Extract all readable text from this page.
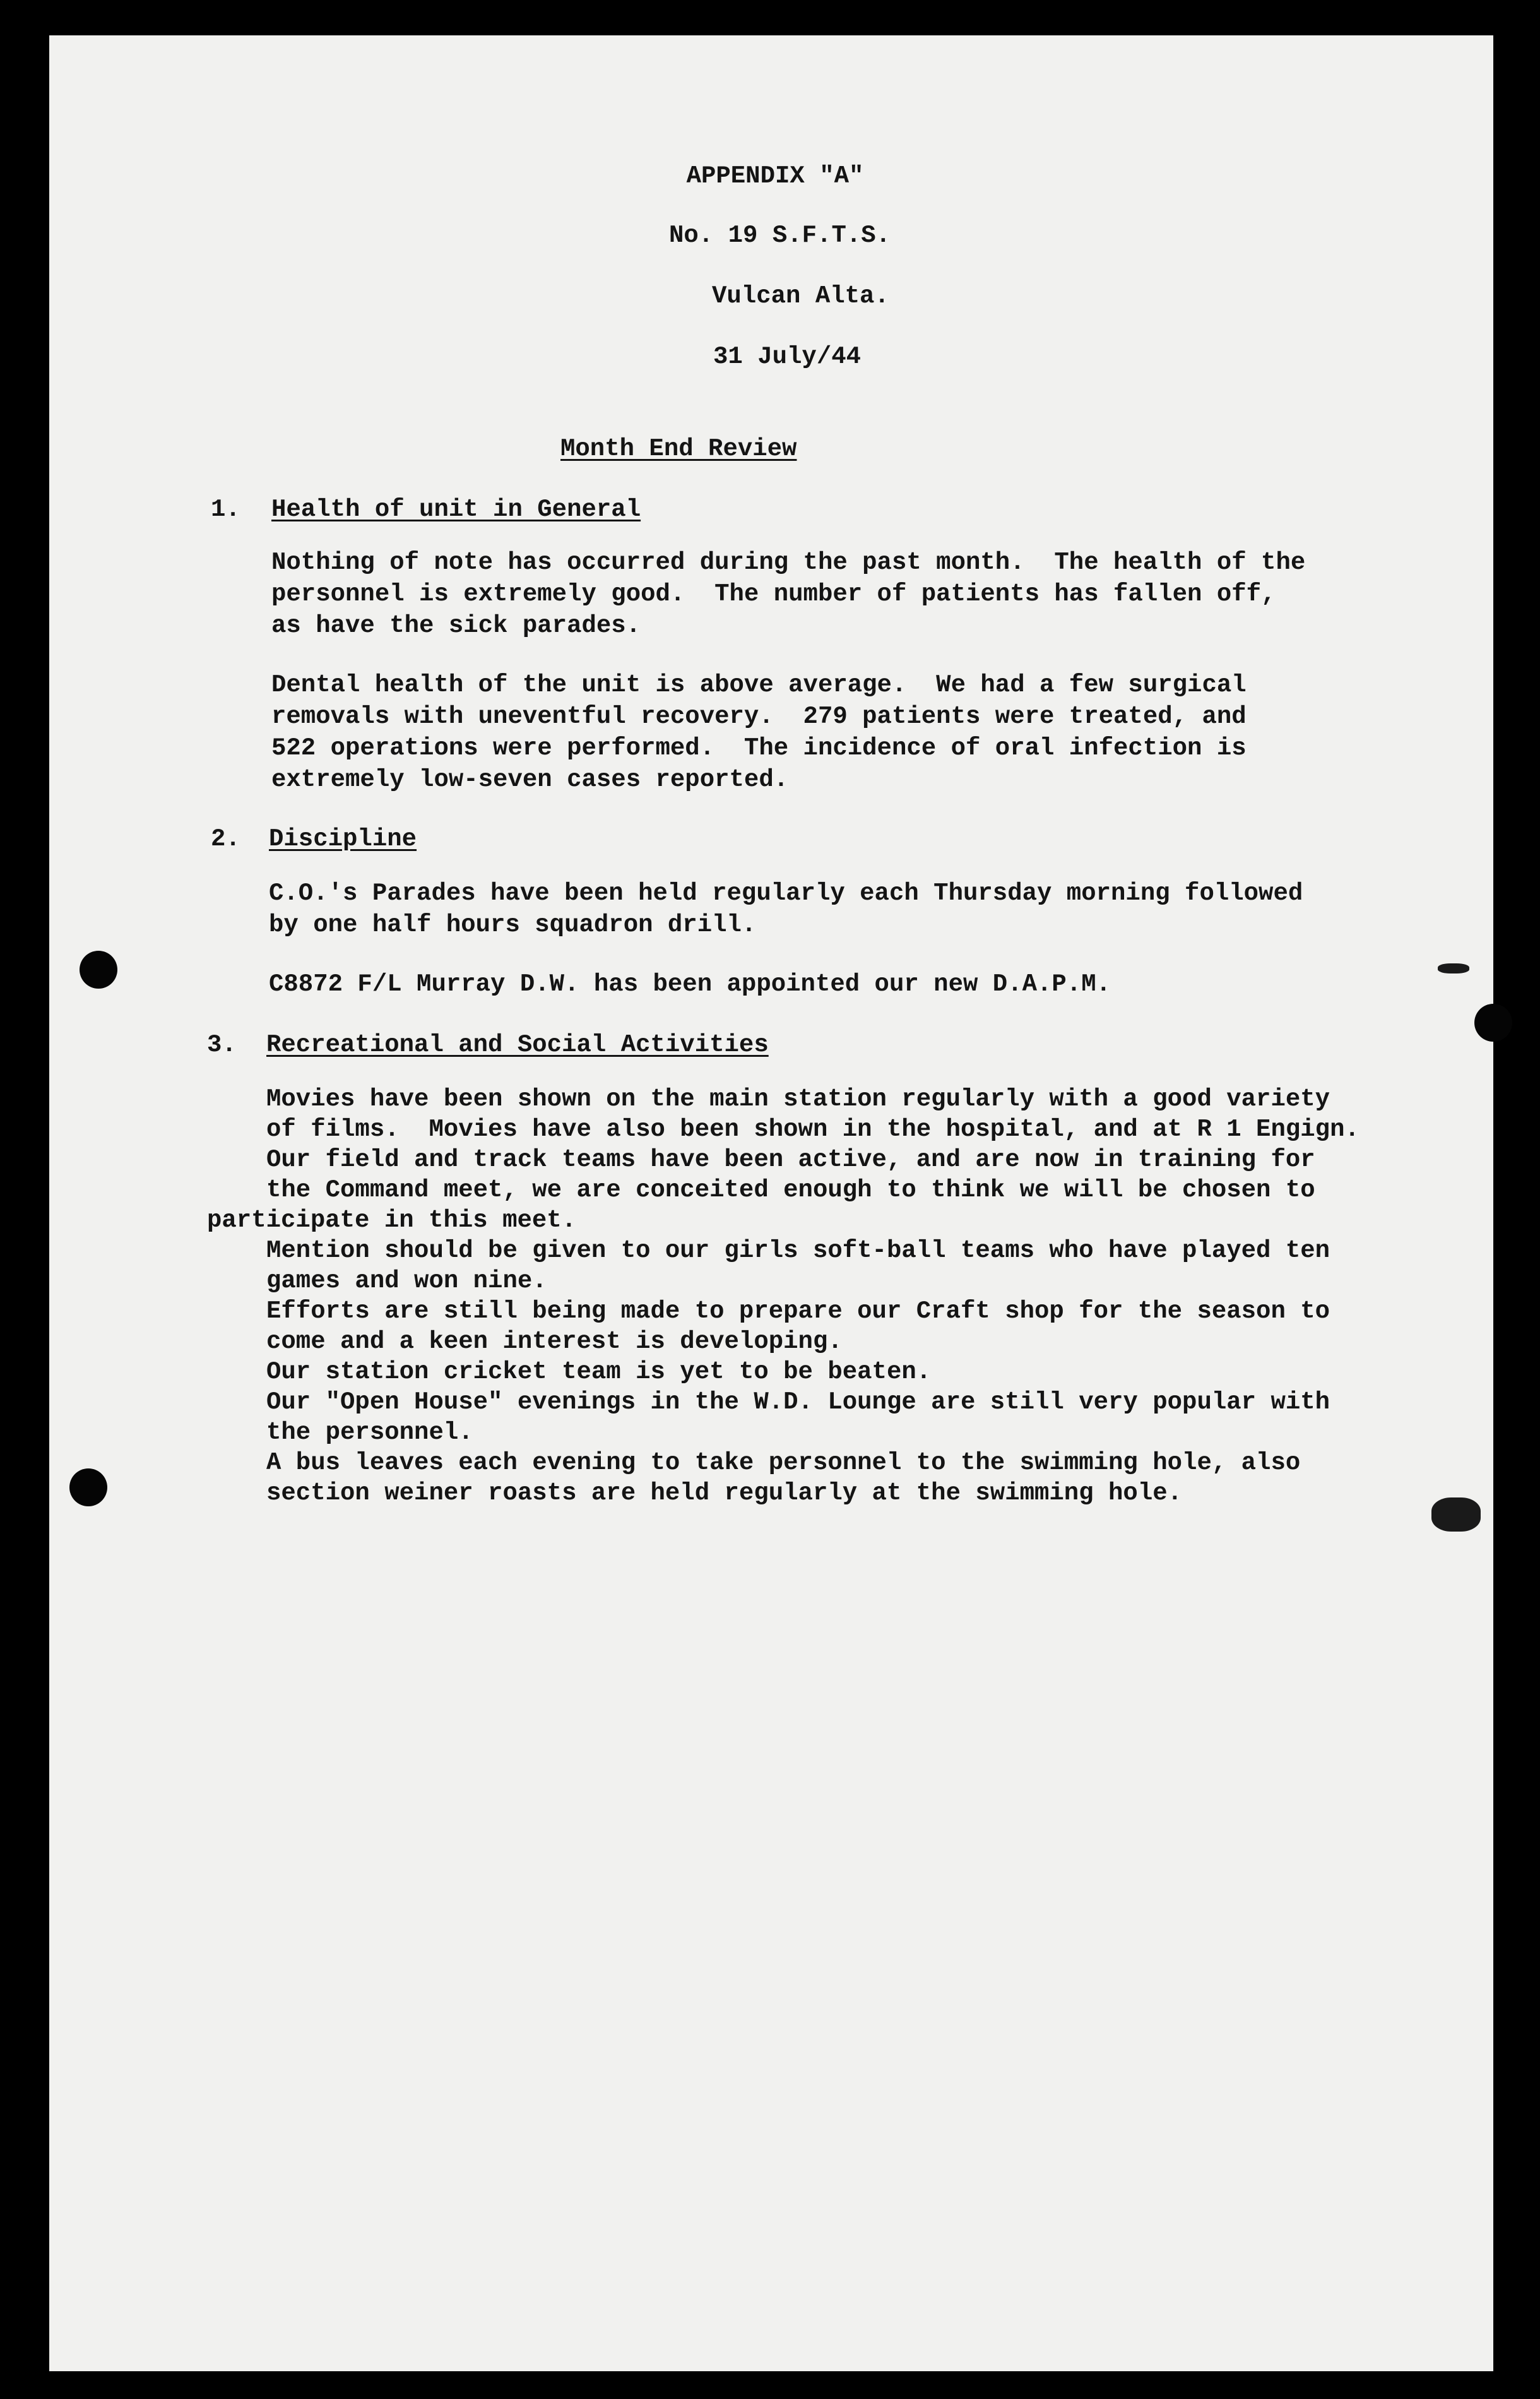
APPENDIX "A"
No. 19 S.F.T.S.
Vulcan Alta.
31 July/44
Month End Review
1. Health of unit in General
Nothing of note has occurred during the past month.  The health of the
personnel is extremely good.  The number of patients has fallen off,
as have the sick parades.
Dental health of the unit is above average.  We had a few surgical
removals with uneventful recovery.  279 patients were treated, and
522 operations were performed.  The incidence of oral infection is
extremely low-seven cases reported.
2. Discipline
C.O.'s Parades have been held regularly each Thursday morning followed
by one half hours squadron drill.
C8872 F/L Murray D.W. has been appointed our new D.A.P.M.
3. Recreational and Social Activities
Movies have been shown on the main station regularly with a good variety
of films.  Movies have also been shown in the hospital, and at R 1 Engign.
Our field and track teams have been active, and are now in training for
the Command meet, we are conceited enough to think we will be chosen to
participate in this meet.
Mention should be given to our girls soft-ball teams who have played ten
games and won nine.
Efforts are still being made to prepare our Craft shop for the season to
come and a keen interest is developing.
Our station cricket team is yet to be beaten.
Our "Open House" evenings in the W.D. Lounge are still very popular with
the personnel.
A bus leaves each evening to take personnel to the swimming hole, also
section weiner roasts are held regularly at the swimming hole.
